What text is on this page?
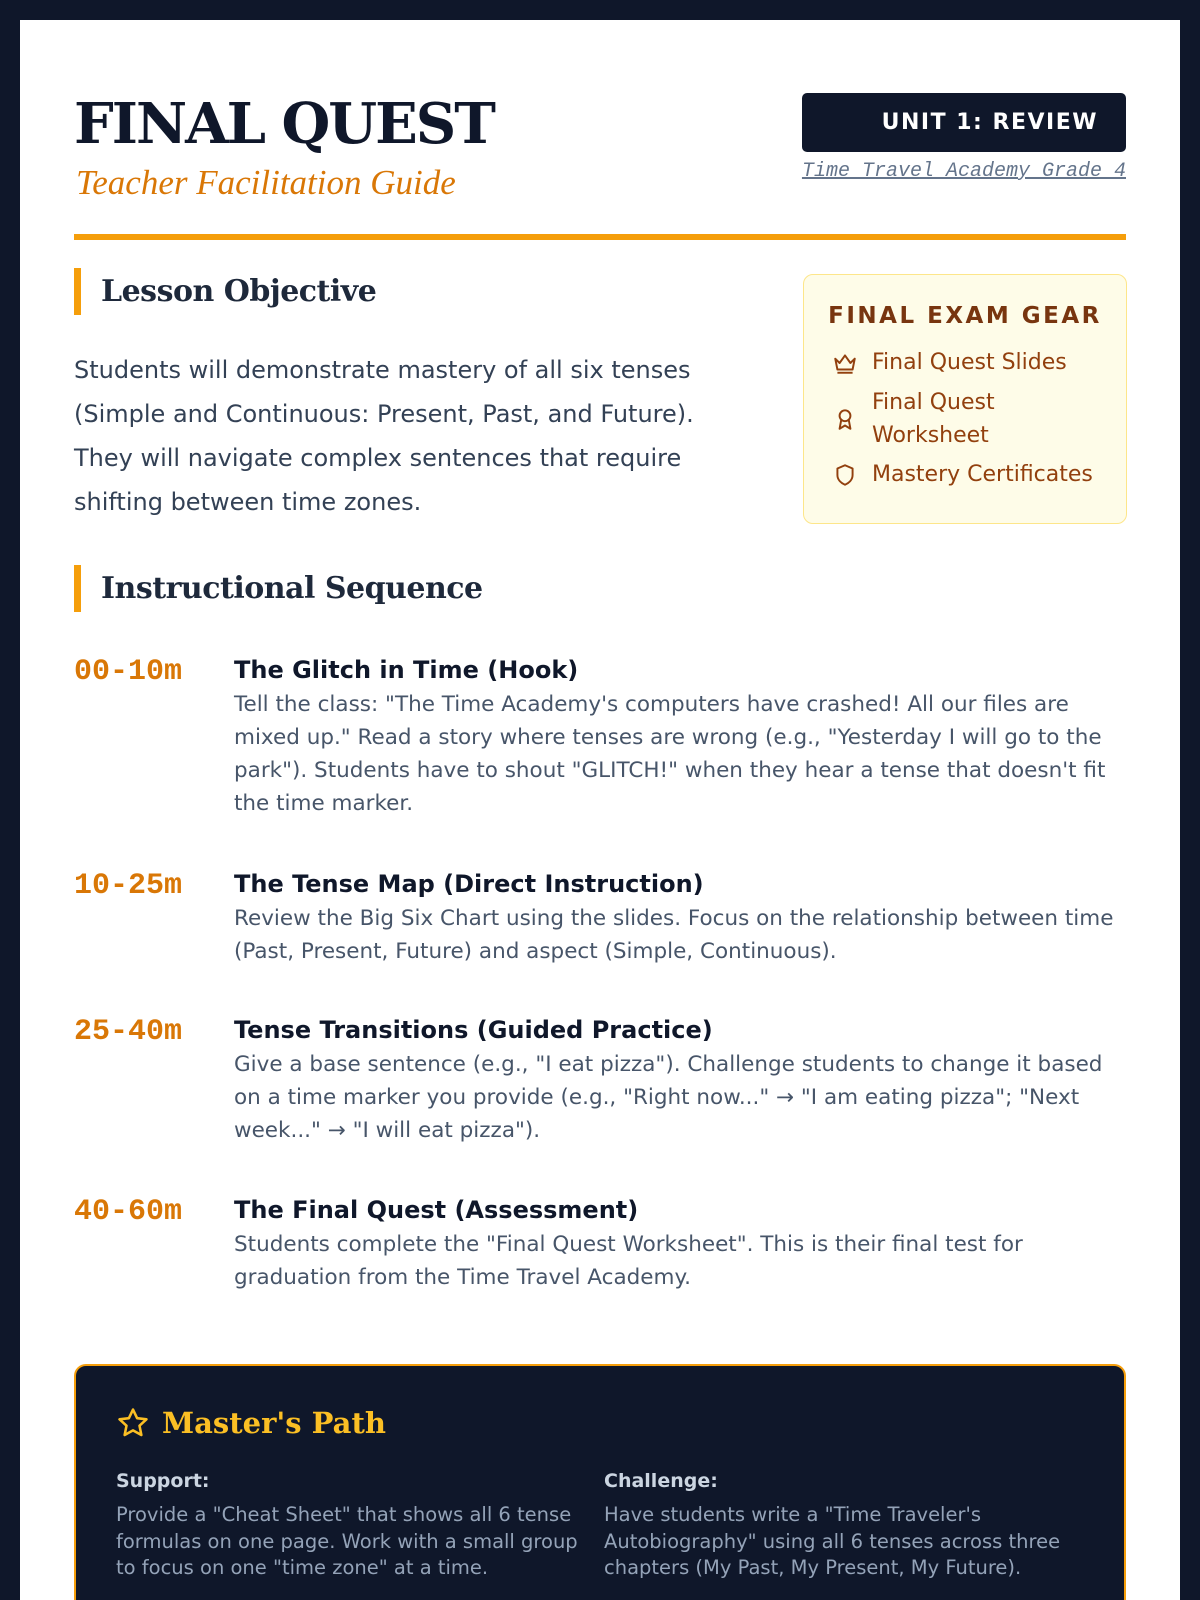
FINAL QUEST
Teacher Facilitation Guide
UNIT 1: REVIEW
Time Travel Academy Grade 4
Lesson Objective
Students will demonstrate mastery of all six tenses (Simple and Continuous: Present, Past, and Future). They will navigate complex sentences that require shifting between time zones.
FINAL EXAM GEAR
Final Quest Slides
Final Quest Worksheet
Mastery Certificates
Instructional Sequence
00-10m The Glitch in Time (Hook)
Tell the class: "The Time Academy's computers have crashed! All our files are mixed up." Read a story where tenses are wrong (e.g., "Yesterday I will go to the park"). Students have to shout "GLITCH!" when they hear a tense that doesn't fit the time marker.
10-25m The Tense Map (Direct Instruction)
Review the Big Six Chart using the slides. Focus on the relationship between time (Past, Present, Future) and aspect (Simple, Continuous).
25-40m Tense Transitions (Guided Practice)
Give a base sentence (e.g., "I eat pizza"). Challenge students to change it based on a time marker you provide (e.g., "Right now..." → "I am eating pizza"; "Next week..." → "I will eat pizza").
40-60m The Final Quest (Assessment)
Students complete the "Final Quest Worksheet". This is their final test for graduation from the Time Travel Academy.
Master's Path
Support:
Provide a "Cheat Sheet" that shows all 6 tense formulas on one page. Work with a small group to focus on one "time zone" at a time.
Challenge:
Have students write a "Time Traveler's Autobiography" using all 6 tenses across three chapters (My Past, My Present, My Future).
